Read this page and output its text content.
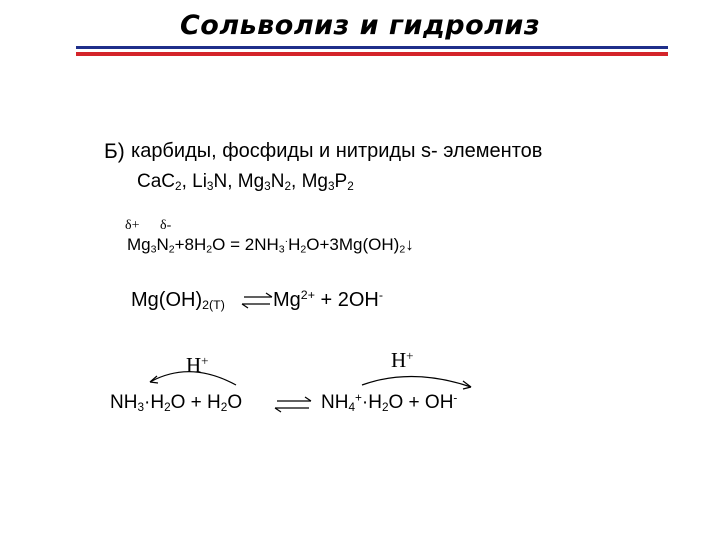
Сольволиз и гидролиз
Б) карбиды, фосфиды и нитриды s- элементов
CaC$_2$, $Li_3N$, $Mg_3N_2$, $Mg_3P_2$
δ+ δ-
$Mg_3N_2+8H_2O$ = $2NH_3^\cdot H_2O+3Mg(OH)_2↓$
$Mg(OH)_{2(Т)}$ $Mg^{2+} + 2OH^-$
H+	H+
$NH_3\cdot H_2O + H_2O$	$NH_4^+\cdot H_2O + OH^-$
